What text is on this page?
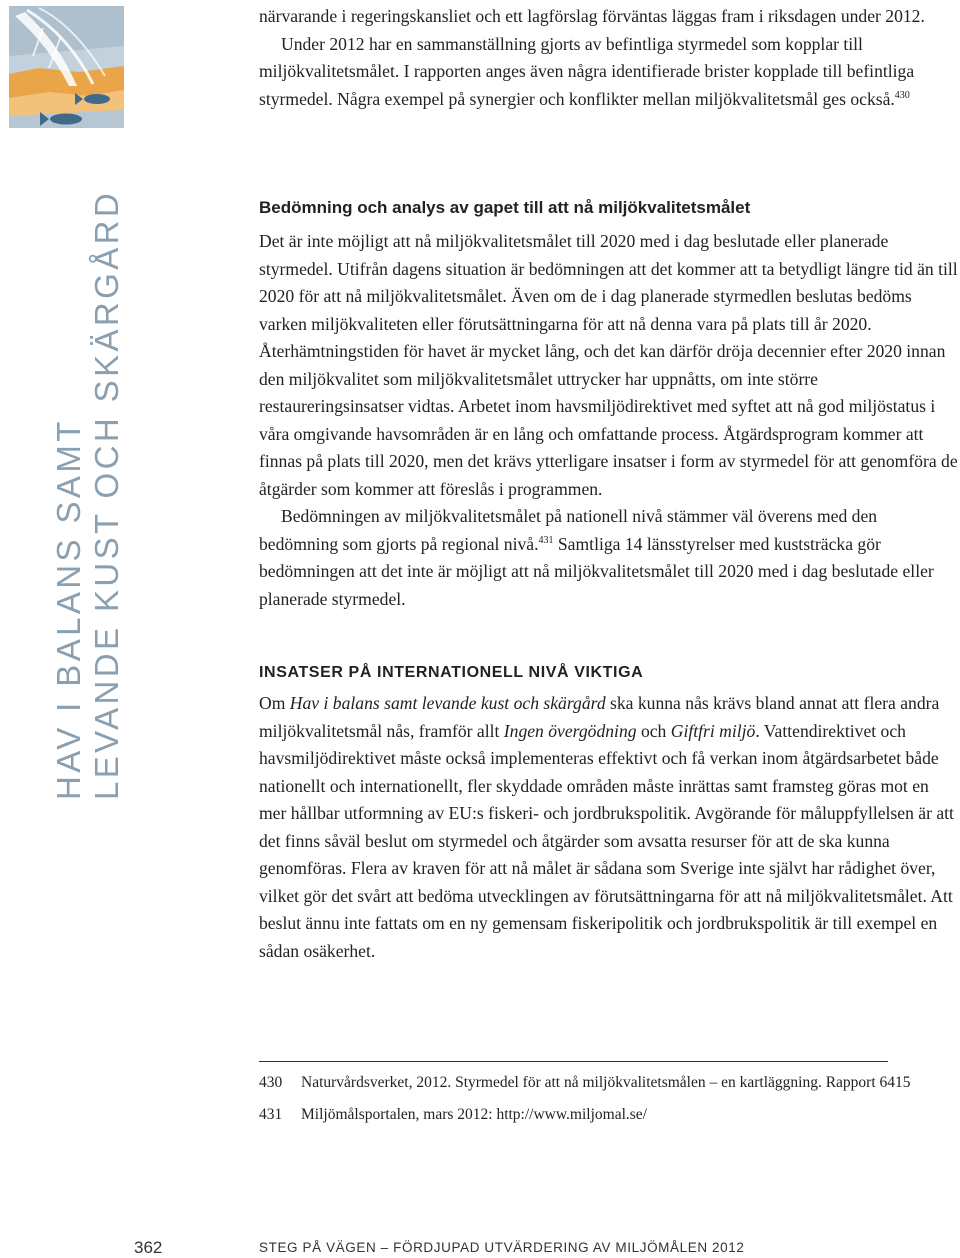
HAV I BALANS SAMT LEVANDE KUST OCH SKÄRGÅRD

närvarande i regeringskansliet och ett lagförslag förväntas läggas fram i riksdagen under 2012.

Under 2012 har en sammanställning gjorts av befintliga styrmedel som kopplar till miljökvalitetsmålet. I rapporten anges även några identifierade brister kopplade till befintliga styrmedel. Några exempel på synergier och konflikter mellan miljökvalitetsmål ges också.$^{430}$

Bedömning och analys av gapet till att nå miljökvalitetsmålet

Det är inte möjligt att nå miljökvalitetsmålet till 2020 med i dag beslutade eller planerade styrmedel. Utifrån dagens situation är bedömningen att det kommer att ta betydligt längre tid än till 2020 för att nå miljökvalitetsmålet. Även om de i dag planerade styrmedlen beslutas bedöms varken miljökvaliteten eller förutsättningarna för att nå denna vara på plats till år 2020. Återhämtningstiden för havet är mycket lång, och det kan därför dröja decennier efter 2020 innan den miljökvalitet som miljökvalitetsmålet uttrycker har uppnåtts, om inte större restaureringsinsatser vidtas. Arbetet inom havsmiljödirektivet med syftet att nå god miljöstatus i våra omgivande havsområden är en lång och omfattande process. Åtgärdsprogram kommer att finnas på plats till 2020, men det krävs ytterligare insatser i form av styrmedel för att genomföra de åtgärder som kommer att föreslås i programmen.

Bedömningen av miljökvalitetsmålet på nationell nivå stämmer väl överens med den bedömning som gjorts på regional nivå.$^{431}$ Samtliga 14 länsstyrelser med kuststräcka gör bedömningen att det inte är möjligt att nå miljökvalitetsmålet till 2020 med i dag beslutade eller planerade styrmedel.

INSATSER PÅ INTERNATIONELL NIVÅ VIKTIGA

Om Hav i balans samt levande kust och skärgård ska kunna nås krävs bland annat att flera andra miljökvalitetsmål nås, framför allt Ingen övergödning och Giftfri miljö. Vattendirektivet och havsmiljödirektivet måste också implementeras effektivt och få verkan inom åtgärdsarbetet både nationellt och internationellt, fler skyddade områden måste inrättas samt framsteg göras mot en mer hållbar utformning av EU:s fiskeri- och jordbrukspolitik. Avgörande för måluppfyllelsen är att det finns såväl beslut om styrmedel och åtgärder som avsatta resurser för att de ska kunna genomföras. Flera av kraven för att nå målet är sådana som Sverige inte självt har rådighet över, vilket gör det svårt att bedöma utvecklingen av förutsättningarna för att nå miljökvalitetsmålet. Att beslut ännu inte fattats om en ny gemensam fiskeripolitik och jordbrukspolitik är till exempel en sådan osäkerhet.

430	Naturvårdsverket, 2012. Styrmedel för att nå miljökvalitetsmålen – en kartläggning. Rapport 6415
431	Miljömålsportalen, mars 2012: http://www.miljomal.se/
362	STEG PÅ VÄGEN – FÖRDJUPAD UTVÄRDERING AV MILJÖMÅLEN 2012
